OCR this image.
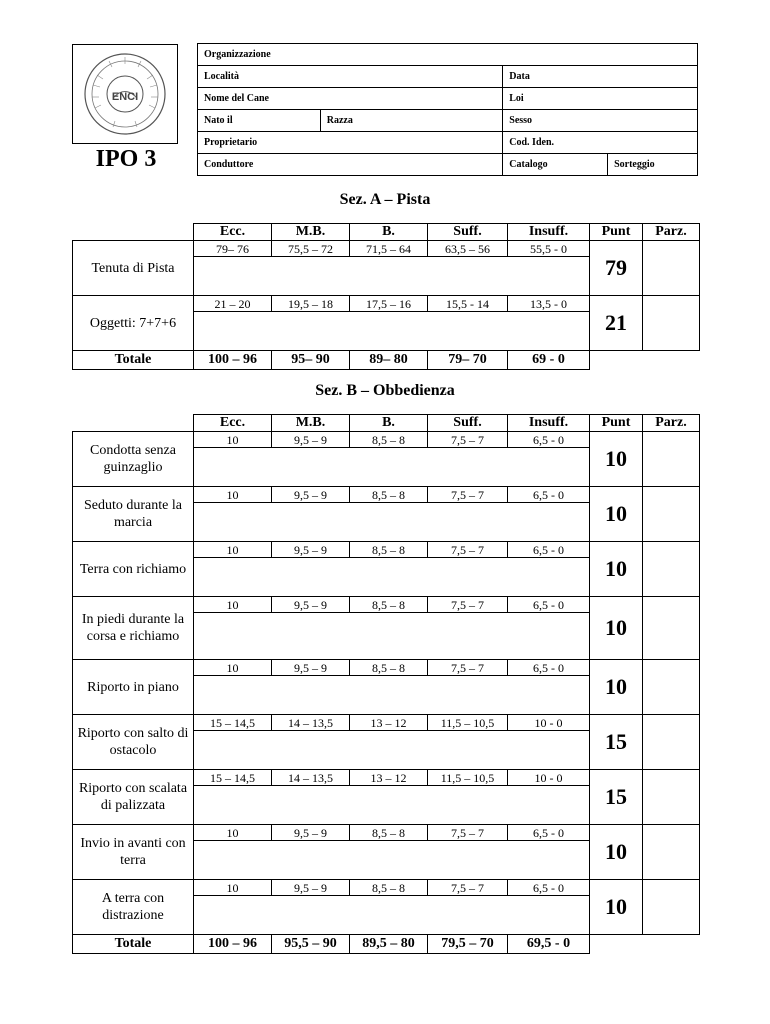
ENCI
IPO 3
Organizzazione			
Località		Data	
Nome del Cane		Loi	
Nato il	Razza	Sesso	
Proprietario		Cod. Iden.	
Conduttore		Catalogo	Sorteggio
Sez. A – Pista
	Ecc.	M.B.	B.	Suff.	Insuff.	Punt	Parz.
Tenuta di Pista	79– 76	75,5 – 72	71,5 – 64	63,5 – 56	55,5 - 0	79	

Oggetti: 7+7+6	21 – 20	19,5 – 18	17,5 – 16	15,5 - 14	13,5 - 0	21	

Totale	100 – 96	95– 90	89– 80	79– 70	69 - 0		
Sez. B – Obbedienza
	Ecc.	M.B.	B.	Suff.	Insuff.	Punt	Parz.
Condotta senza guinzaglio	10	9,5 – 9	8,5 – 8	7,5 – 7	6,5 - 0	10	

Seduto durante la marcia	10	9,5 – 9	8,5 – 8	7,5 – 7	6,5 - 0	10	

Terra con richiamo	10	9,5 – 9	8,5 – 8	7,5 – 7	6,5 - 0	10	

In piedi durante la corsa e richiamo	10	9,5 – 9	8,5 – 8	7,5 – 7	6,5 - 0	10	

Riporto in piano	10	9,5 – 9	8,5 – 8	7,5 – 7	6,5 - 0	10	

Riporto con salto di ostacolo	15 – 14,5	14 – 13,5	13 – 12	11,5 – 10,5	10 - 0	15	

Riporto con scalata di palizzata	15 – 14,5	14 – 13,5	13 – 12	11,5 – 10,5	10 - 0	15	

Invio in avanti con terra	10	9,5 – 9	8,5 – 8	7,5 – 7	6,5 - 0	10	

A terra con distrazione	10	9,5 – 9	8,5 – 8	7,5 – 7	6,5 - 0	10	

Totale	100 – 96	95,5 – 90	89,5 – 80	79,5 – 70	69,5 - 0		
